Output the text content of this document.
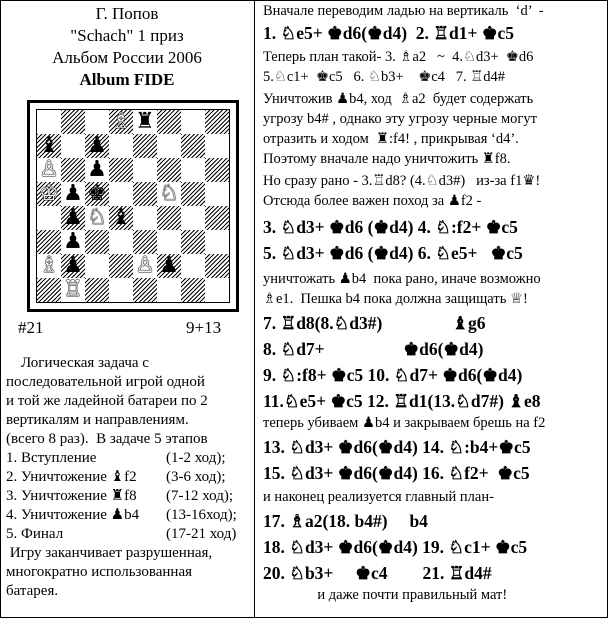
Г. Попов
"Schach" 1 приз
Альбом России 2006
Album FIDE
♗ ♜
♝ ♟
♙ ♟
♔ ♟ ♚ ♘
♟ ♘ ♝
♟
♗ ♟ ♙ ♟
♖
#21	9+13
Логическая задача с
последовательной игрой одной
и той же ладейной батареи по 2
вертикалям и направлениям.
(всего 8 раз).  В задаче 5 этапов
1. Вступление	(1-2 ход);
2. Уничтожение ♝f2 (3-6 ход);
3. Уничтожение ♜f8 (7-12 ход);
4. Уничтожение ♟b4 (13-16ход);
5. Финал	(17-21 ход)
Игру заканчивает разрушенная,
многократно использованная
батарея.
Вначале переводим ладью на вертикаль  ‘d’  -
1. ♘e5+ ♚d6(♚d4)  2. ♖d1+ ♚c5
Теперь план такой- 3. ♗a2   ~  4.♘d3+  ♚d6
5.♘c1+  ♚c5   6. ♘b3+    ♚c4   7. ♖d4#
Уничтожив ♟b4, ход  ♗a2  будет содержать
угрозу b4# , однако эту угрозу черные могут
отразить и ходом  ♜:f4! , прикрывая ‘d4’.
Поэтому вначале надо уничтожить ♜f8.
Но сразу рано - 3.♖d8? (4.♘d3#)   из-за f1♛!
Отсюда более важен поход за ♟f2 -
3. ♘d3+ ♚d6 (♚d4) 4. ♘:f2+ ♚c5
5. ♘d3+ ♚d6 (♚d4) 6. ♘e5+   ♚c5
уничтожать ♟b4  пока рано, иначе возможно
♗e1.  Пешка b4 пока должна защищать ♕!
7. ♖d8(8.♘d3#)                ♝g6
8. ♘d7+                  ♚d6(♚d4)
9. ♘:f8+ ♚c5 10. ♘d7+ ♚d6(♚d4)
11.♘e5+ ♚c5 12. ♖d1(13.♘d7#) ♝e8
теперь убиваем ♟b4 и закрываем брешь на f2
13. ♘d3+ ♚d6(♚d4) 14. ♘:b4+♚c5
15. ♘d3+ ♚d6(♚d4) 16. ♘f2+  ♚c5
и наконец реализуется главный план-
17. ♗a2(18. b4#)     b4
18. ♘d3+ ♚d6(♚d4) 19. ♘c1+ ♚c5
20. ♘b3+     ♚c4        21. ♖d4#
и даже почти правильный мат!
